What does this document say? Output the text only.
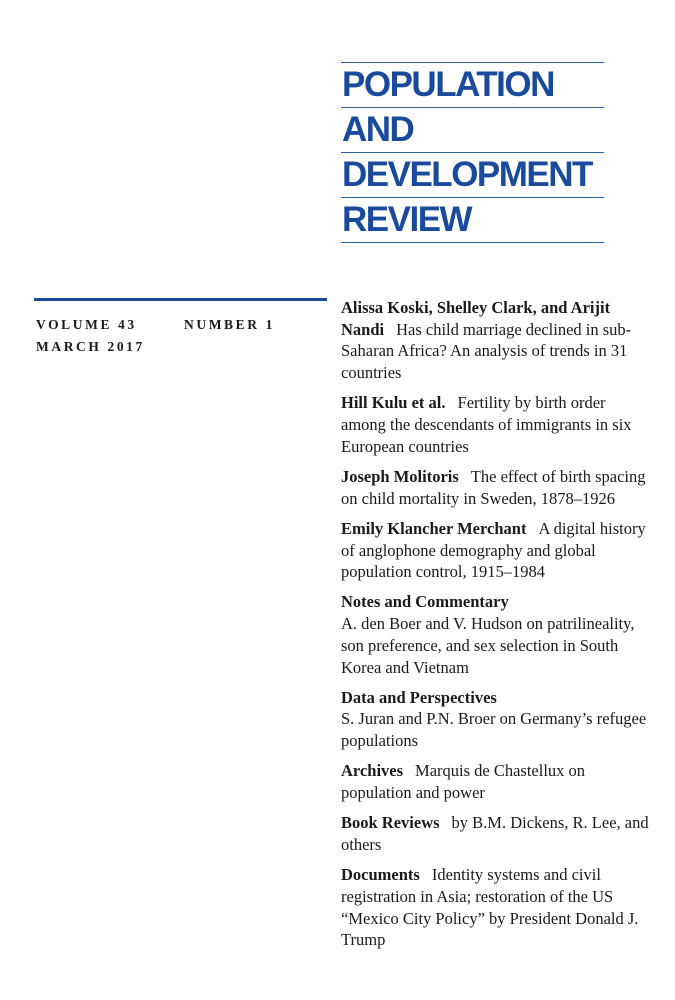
POPULATION
AND
DEVELOPMENT
REVIEW
VOLUME 43	NUMBER 1
MARCH 2017

Alissa Koski, Shelley Clark, and Arijit Nandi Has child marriage declined in sub-Saharan Africa? An analysis of trends in 31 countries

Hill Kulu et al. Fertility by birth order among the descendants of immigrants in six European countries

Joseph Molitoris The effect of birth spacing on child mortality in Sweden, 1878–1926

Emily Klancher Merchant A digital history of anglophone demography and global population control, 1915–1984

Notes and Commentary
A. den Boer and V. Hudson on patrilineality, son preference, and sex selection in South Korea and Vietnam

Data and Perspectives
S. Juran and P.N. Broer on Germany’s refugee populations

Archives Marquis de Chastellux on population and power

Book Reviews by B.M. Dickens, R. Lee, and others

Documents Identity systems and civil registration in Asia; restoration of the US “Mexico City Policy” by President Donald J. Trump
